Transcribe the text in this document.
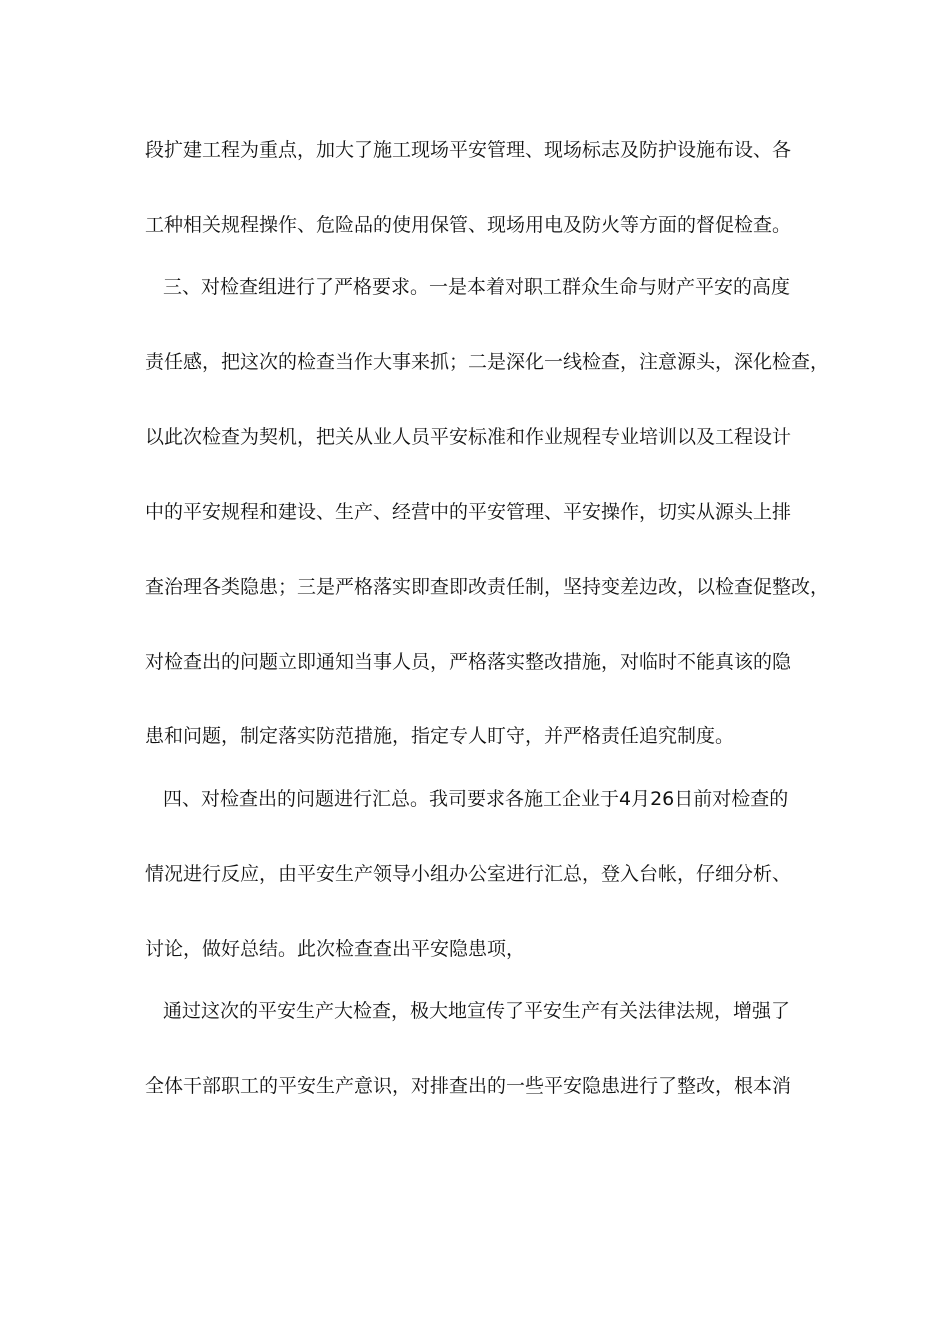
段扩建工程为重点，加大了施工现场平安管理、现场标志及防护设施布设、各
工种相关规程操作、危险品的使用保管、现场用电及防火等方面的督促检查。
三、对检查组进行了严格要求。一是本着对职工群众生命与财产平安的高度
责任感，把这次的检查当作大事来抓；二是深化一线检查，注意源头，深化检查，
以此次检查为契机，把关从业人员平安标准和作业规程专业培训以及工程设计
中的平安规程和建设、生产、经营中的平安管理、平安操作，切实从源头上排
查治理各类隐患；三是严格落实即查即改责任制，坚持变差边改，以检查促整改，
对检查出的问题立即通知当事人员，严格落实整改措施，对临时不能真该的隐
患和问题，制定落实防范措施，指定专人盯守，并严格责任追究制度。
四、对检查出的问题进行汇总。我司要求各施工企业于4月26日前对检查的
情况进行反应，由平安生产领导小组办公室进行汇总，登入台帐，仔细分析、
讨论，做好总结。此次检查查出平安隐患项，
通过这次的平安生产大检查，极大地宣传了平安生产有关法律法规，增强了
全体干部职工的平安生产意识，对排查出的一些平安隐患进行了整改，根本消
